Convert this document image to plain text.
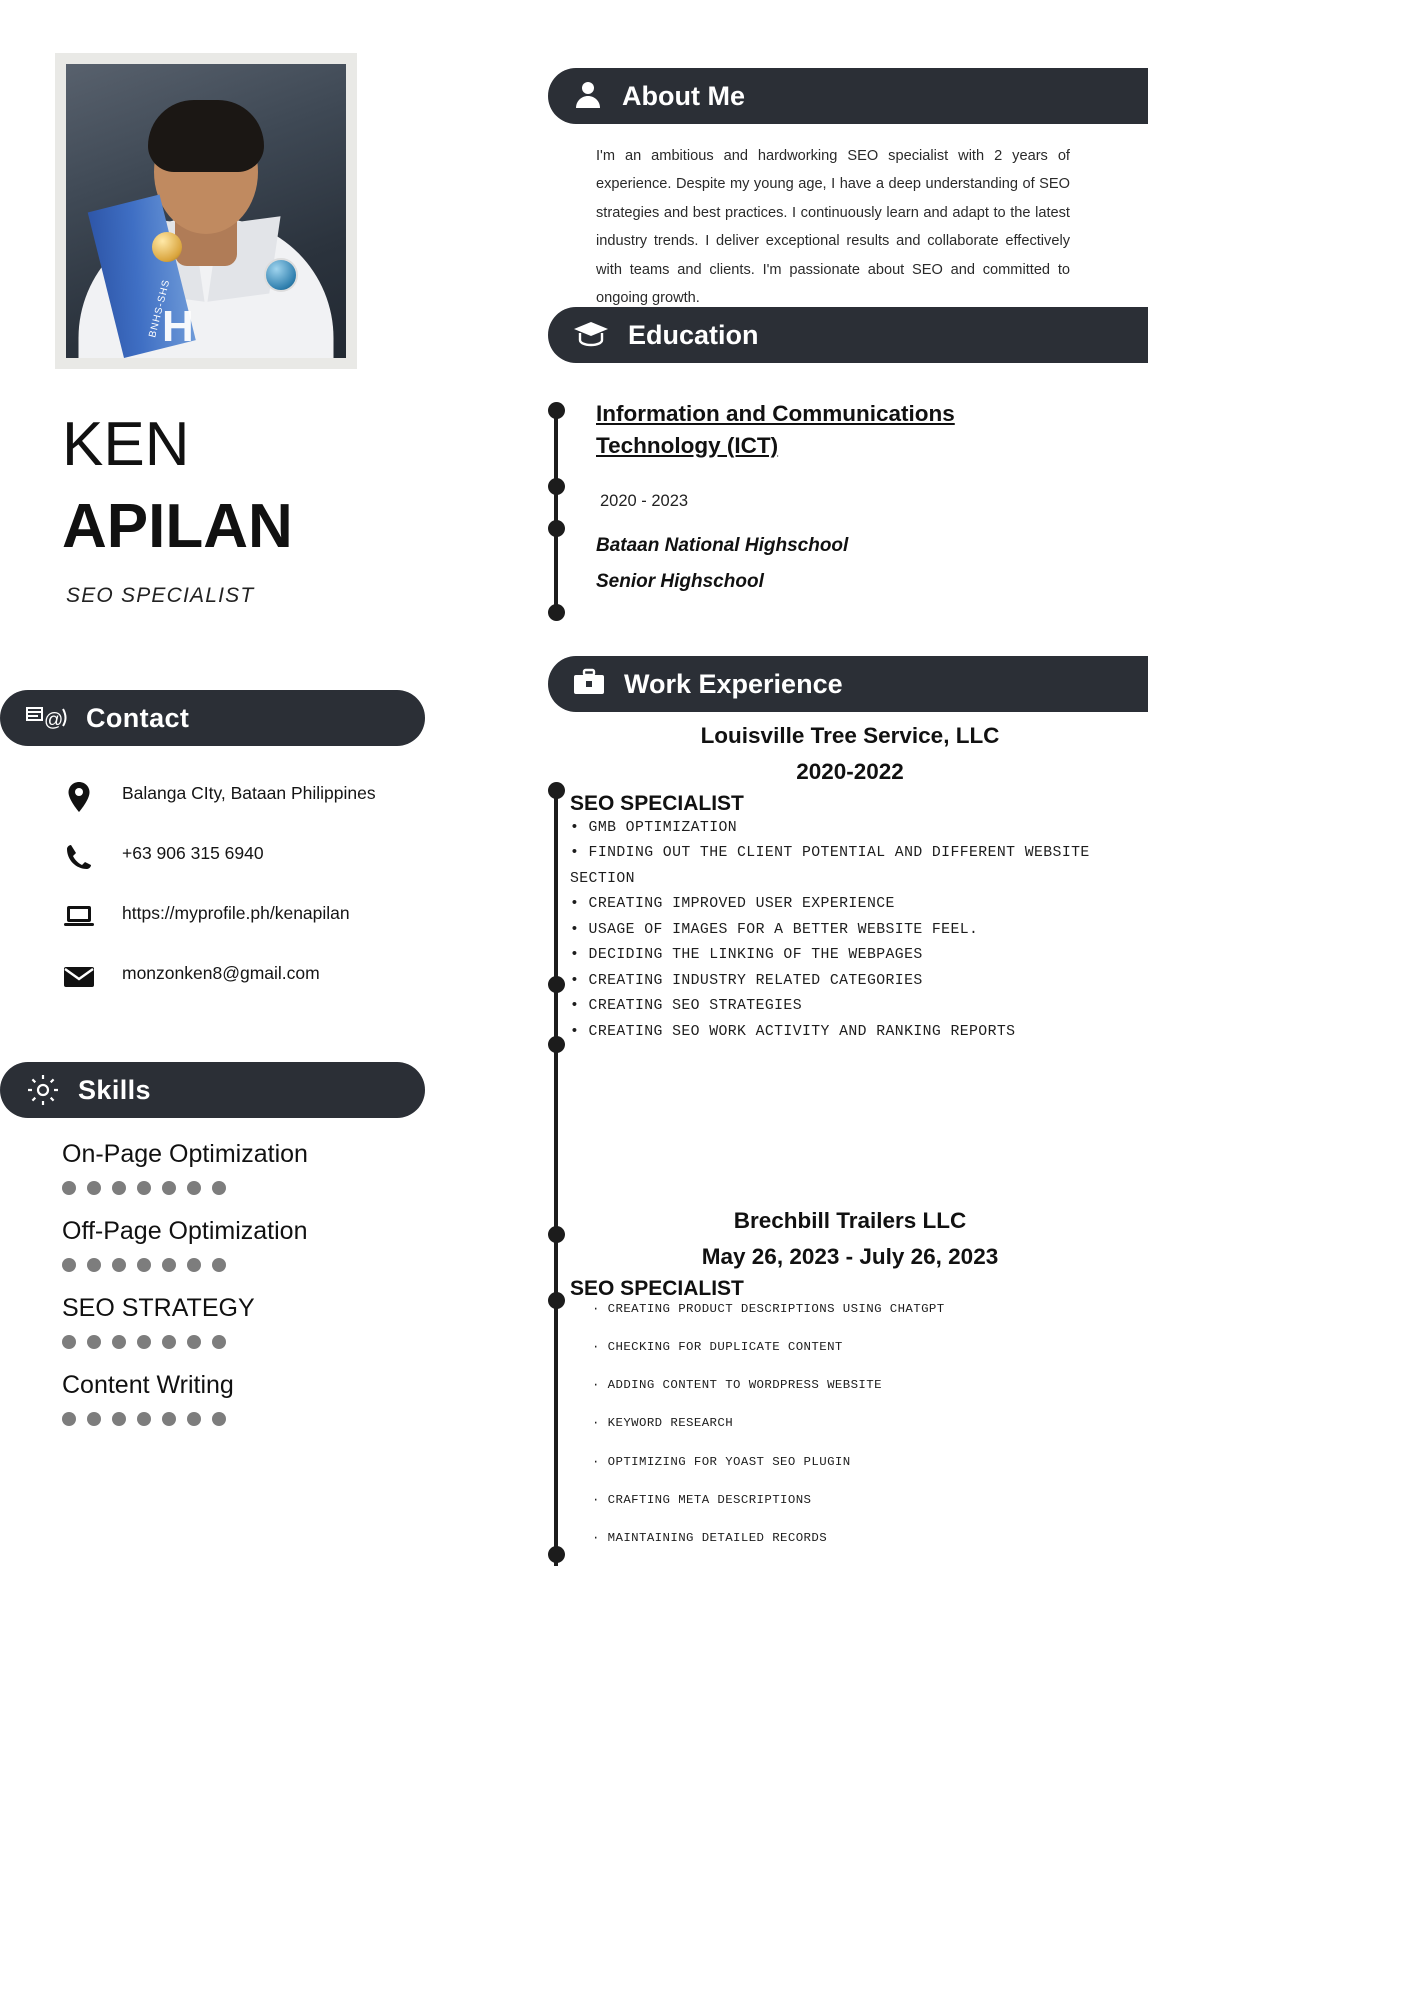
BNHS-SHS
H
KEN
APILAN
SEO SPECIALIST
@ Contact
Balanga CIty, Bataan Philippines
+63 906 315 6940
https://myprofile.ph/kenapilan
monzonken8@gmail.com
Skills
On-Page Optimization
Off-Page Optimization
SEO STRATEGY
Content Writing
About Me
I'm an ambitious and hardworking SEO specialist with 2 years of experience. Despite my young age, I have a deep understanding of SEO strategies and best practices. I continuously learn and adapt to the latest industry trends. I deliver exceptional results and collaborate effectively with teams and clients. I'm passionate about SEO and committed to ongoing growth.
Education
Information and Communications Technology (ICT)
2020 - 2023
Bataan National Highschool
Senior Highschool
Work Experience
Louisville Tree Service, LLC
2020-2022
SEO SPECIALIST
• GMB OPTIMIZATION
• FINDING OUT THE CLIENT POTENTIAL AND DIFFERENT WEBSITE SECTION
• CREATING IMPROVED USER EXPERIENCE
• USAGE OF IMAGES FOR A BETTER WEBSITE FEEL.
• DECIDING THE LINKING OF THE WEBPAGES
• CREATING INDUSTRY RELATED CATEGORIES
• CREATING SEO STRATEGIES
• CREATING SEO WORK ACTIVITY AND RANKING REPORTS
Brechbill Trailers LLC
May 26, 2023 - July 26, 2023
SEO SPECIALIST
· CREATING PRODUCT DESCRIPTIONS USING CHATGPT
· CHECKING FOR DUPLICATE CONTENT
· ADDING CONTENT TO WORDPRESS WEBSITE
· KEYWORD RESEARCH
· OPTIMIZING FOR YOAST SEO PLUGIN
· CRAFTING META DESCRIPTIONS
· MAINTAINING DETAILED RECORDS
